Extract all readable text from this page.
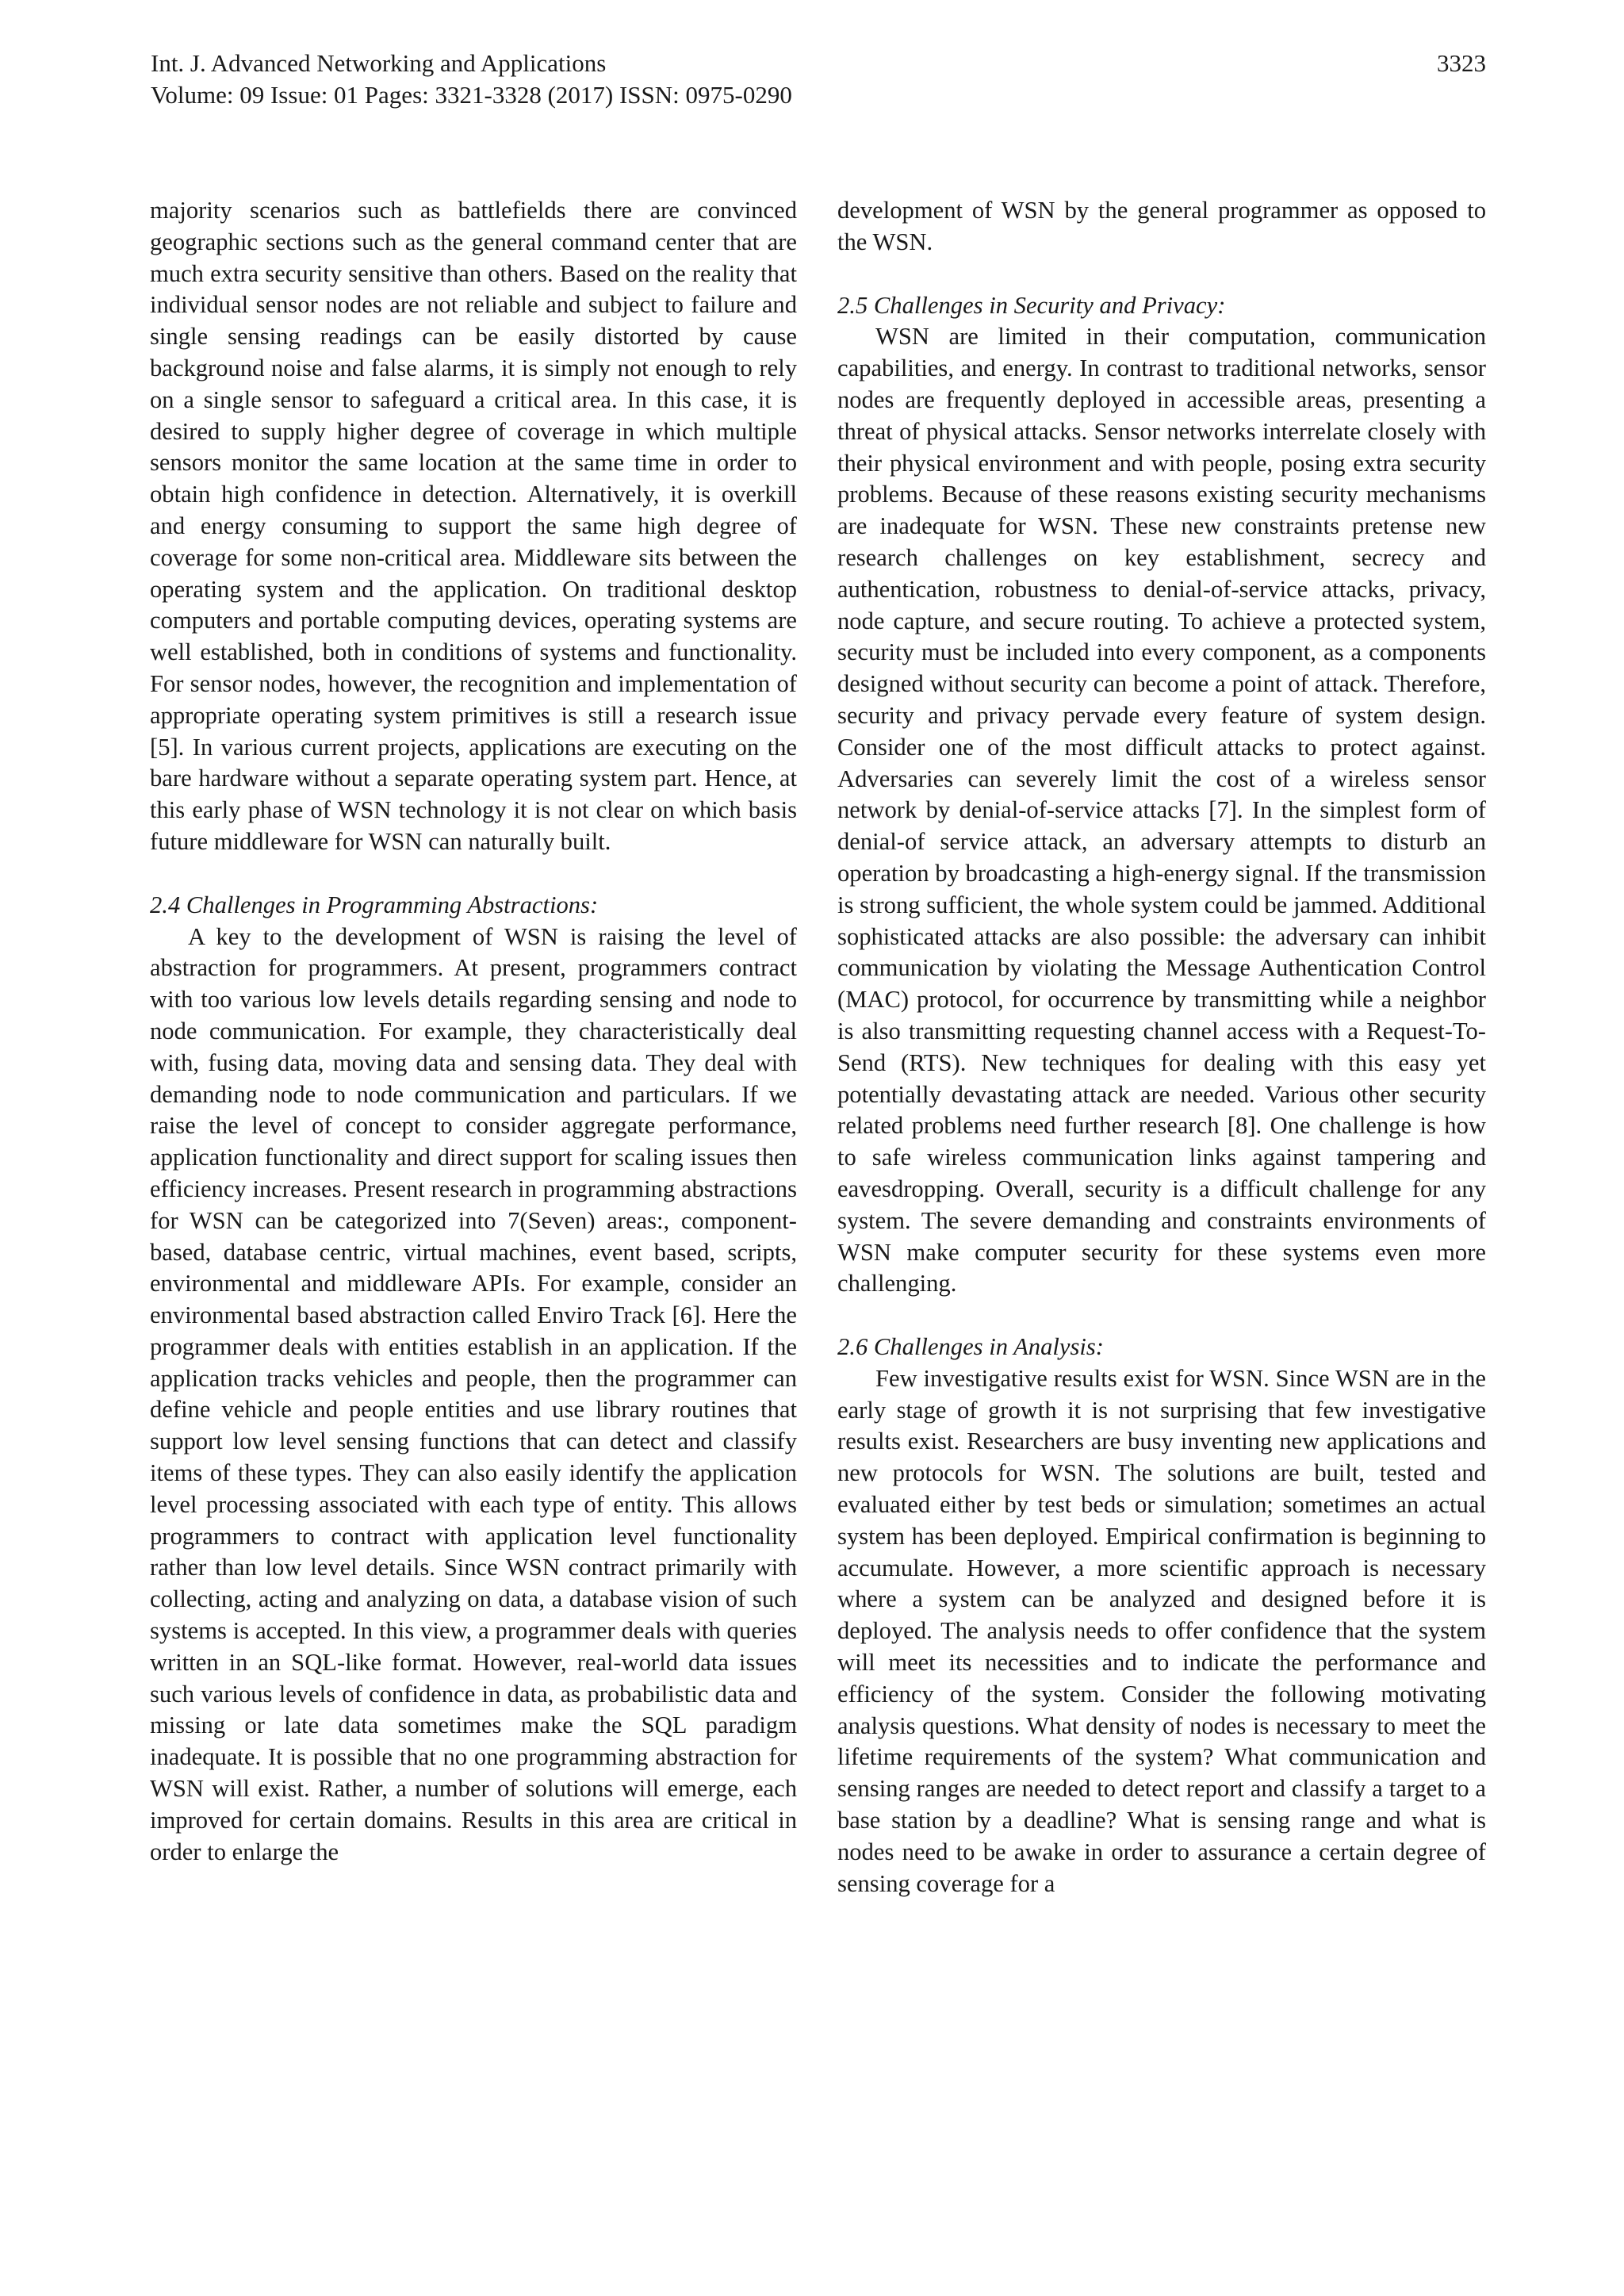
Int. J. Advanced Networking and Applications
Volume: 09 Issue: 01 Pages: 3321-3328 (2017) ISSN: 0975-0290
3323

majority scenarios such as battlefields there are convinced geographic sections such as the general command center that are much extra security sensitive than others. Based on the reality that individual sensor nodes are not reliable and subject to failure and single sensing readings can be easily distorted by cause background noise and false alarms, it is simply not enough to rely on a single sensor to safeguard a critical area. In this case, it is desired to supply higher degree of coverage in which multiple sensors monitor the same location at the same time in order to obtain high confidence in detection. Alternatively, it is overkill and energy consuming to support the same high degree of coverage for some non-critical area. Middleware sits between the operating system and the application. On traditional desktop computers and portable computing devices, operating systems are well established, both in conditions of systems and functionality. For sensor nodes, however, the recognition and implementation of appropriate operating system primitives is still a research issue [5]. In various current projects, applications are executing on the bare hardware without a separate operating system part. Hence, at this early phase of WSN technology it is not clear on which basis future middleware for WSN can naturally built.

2.4 Challenges in Programming Abstractions:

A key to the development of WSN is raising the level of abstraction for programmers. At present, programmers contract with too various low levels details regarding sensing and node to node communication. For example, they characteristically deal with, fusing data, moving data and sensing data. They deal with demanding node to node communication and particulars. If we raise the level of concept to consider aggregate performance, application functionality and direct support for scaling issues then efficiency increases. Present research in programming abstractions for WSN can be categorized into 7(Seven) areas:, component-based, database centric, virtual machines, event based, scripts, environmental and middleware APIs. For example, consider an environmental based abstraction called Enviro Track [6]. Here the programmer deals with entities establish in an application. If the application tracks vehicles and people, then the programmer can define vehicle and people entities and use library routines that support low level sensing functions that can detect and classify items of these types. They can also easily identify the application level processing associated with each type of entity. This allows programmers to contract with application level functionality rather than low level details. Since WSN contract primarily with collecting, acting and analyzing on data, a database vision of such systems is accepted. In this view, a programmer deals with queries written in an SQL-like format. However, real-world data issues such various levels of confidence in data, as probabilistic data and missing or late data sometimes make the SQL paradigm inadequate. It is possible that no one programming abstraction for WSN will exist. Rather, a number of solutions will emerge, each improved for certain domains. Results in this area are critical in order to enlarge the

development of WSN by the general programmer as opposed to the WSN.

2.5 Challenges in Security and Privacy:

WSN are limited in their computation, communication capabilities, and energy. In contrast to traditional networks, sensor nodes are frequently deployed in accessible areas, presenting a threat of physical attacks. Sensor networks interrelate closely with their physical environment and with people, posing extra security problems. Because of these reasons existing security mechanisms are inadequate for WSN. These new constraints pretense new research challenges on key establishment, secrecy and authentication, robustness to denial-of-service attacks, privacy, node capture, and secure routing. To achieve a protected system, security must be included into every component, as a components designed without security can become a point of attack. Therefore, security and privacy pervade every feature of system design. Consider one of the most difficult attacks to protect against. Adversaries can severely limit the cost of a wireless sensor network by denial-of-service attacks [7]. In the simplest form of denial-of service attack, an adversary attempts to disturb an operation by broadcasting a high-energy signal. If the transmission is strong sufficient, the whole system could be jammed. Additional sophisticated attacks are also possible: the adversary can inhibit communication by violating the Message Authentication Control (MAC) protocol, for occurrence by transmitting while a neighbor is also transmitting requesting channel access with a Request-To-Send (RTS). New techniques for dealing with this easy yet potentially devastating attack are needed. Various other security related problems need further research [8]. One challenge is how to safe wireless communication links against tampering and eavesdropping. Overall, security is a difficult challenge for any system. The severe demanding and constraints environments of WSN make computer security for these systems even more challenging.

2.6 Challenges in Analysis:

Few investigative results exist for WSN. Since WSN are in the early stage of growth it is not surprising that few investigative results exist. Researchers are busy inventing new applications and new protocols for WSN. The solutions are built, tested and evaluated either by test beds or simulation; sometimes an actual system has been deployed. Empirical confirmation is beginning to accumulate. However, a more scientific approach is necessary where a system can be analyzed and designed before it is deployed. The analysis needs to offer confidence that the system will meet its necessities and to indicate the performance and efficiency of the system. Consider the following motivating analysis questions. What density of nodes is necessary to meet the lifetime requirements of the system? What communication and sensing ranges are needed to detect report and classify a target to a base station by a deadline? What is sensing range and what is nodes need to be awake in order to assurance a certain degree of sensing coverage for a
